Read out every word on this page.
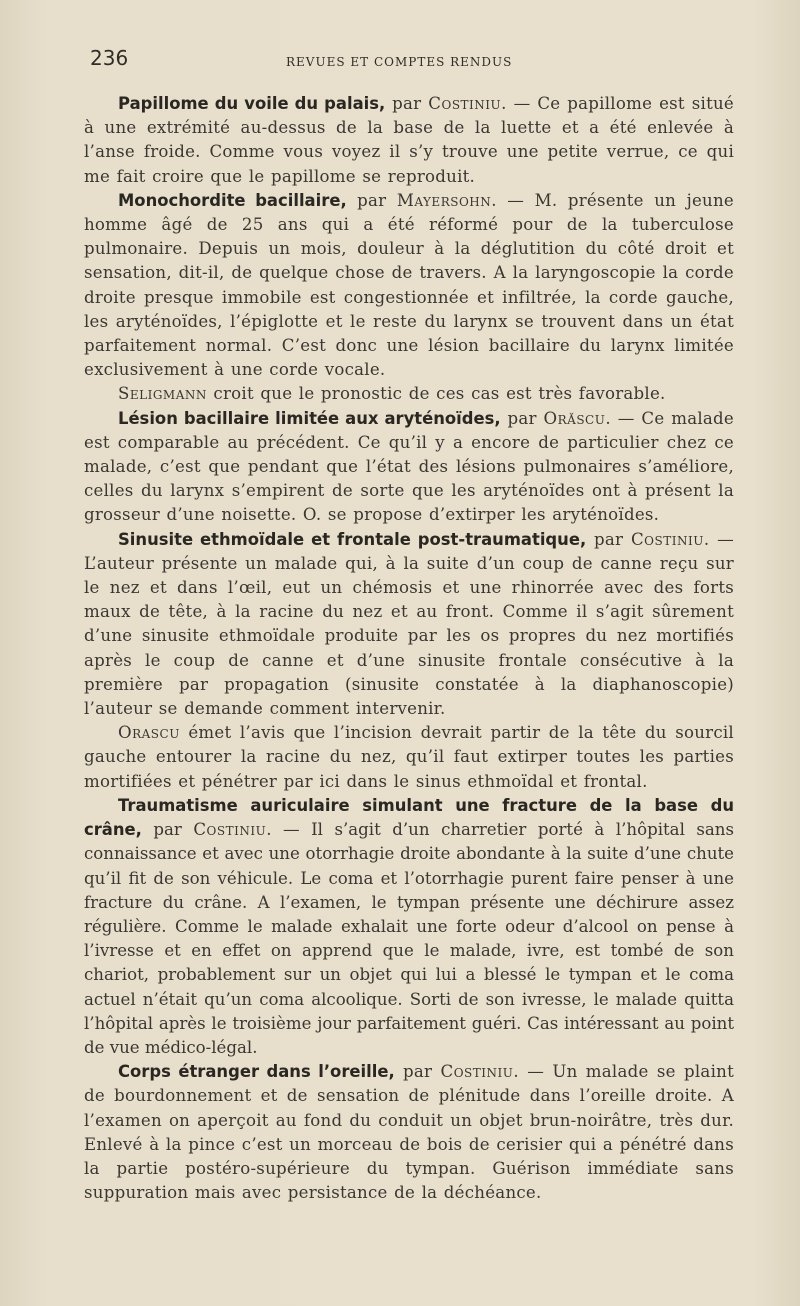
236	REVUES ET COMPTES RENDUS

Papillome du voile du palais, par Costiniu. — Ce papillome est situé à une extrémité au-dessus de la base de la luette et a été enlevée à l’anse froide. Comme vous voyez il s’y trouve une petite verrue, ce qui me fait croire que le papillome se reproduit.

Monochordite bacillaire, par Mayersohn. — M. présente un jeune homme âgé de 25 ans qui a été réformé pour de la tuberculose pulmonaire. Depuis un mois, douleur à la déglutition du côté droit et sensation, dit-il, de quelque chose de travers. A la laryngoscopie la corde droite presque immobile est congestionnée et infiltrée, la corde gauche, les aryténoïdes, l’épiglotte et le reste du larynx se trouvent dans un état parfaitement normal. C’est donc une lésion bacillaire du larynx limitée exclusivement à une corde vocale.

Seligmann croit que le pronostic de ces cas est très favorable.

Lésion bacillaire limitée aux aryténoïdes, par Orăscu. — Ce malade est comparable au précédent. Ce qu’il y a encore de particulier chez ce malade, c’est que pendant que l’état des lésions pulmonaires s’améliore, celles du larynx s’empirent de sorte que les aryténoïdes ont à présent la grosseur d’une noisette. O. se propose d’extirper les aryténoïdes.

Sinusite ethmoïdale et frontale post-traumatique, par Costiniu. — L’auteur présente un malade qui, à la suite d’un coup de canne reçu sur le nez et dans l’œil, eut un chémosis et une rhinorrée avec des forts maux de tête, à la racine du nez et au front. Comme il s’agit sûrement d’une sinusite ethmoïdale produite par les os propres du nez mortifiés après le coup de canne et d’une sinusite frontale consécutive à la première par propagation (sinusite constatée à la diaphanoscopie) l’auteur se demande comment intervenir.

Orascu émet l’avis que l’incision devrait partir de la tête du sourcil gauche entourer la racine du nez, qu’il faut extirper toutes les parties mortifiées et pénétrer par ici dans le sinus ethmoïdal et frontal.

Traumatisme auriculaire simulant une fracture de la base du crâne, par Costiniu. — Il s’agit d’un charretier porté à l’hôpital sans connaissance et avec une otorrhagie droite abondante à la suite d’une chute qu’il fit de son véhicule. Le coma et l’otorrhagie purent faire penser à une fracture du crâne. A l’examen, le tympan présente une déchirure assez régulière. Comme le malade exhalait une forte odeur d’alcool on pense à l’ivresse et en effet on apprend que le malade, ivre, est tombé de son chariot, probablement sur un objet qui lui a blessé le tympan et le coma actuel n’était qu’un coma alcoolique. Sorti de son ivresse, le malade quitta l’hôpital après le troisième jour parfaitement guéri. Cas intéressant au point de vue médico-légal.

Corps étranger dans l’oreille, par Costiniu. — Un malade se plaint de bourdonnement et de sensation de plénitude dans l’oreille droite. A l’examen on aperçoit au fond du conduit un objet brun-noirâtre, très dur. Enlevé à la pince c’est un morceau de bois de cerisier qui a pénétré dans la partie postéro-supérieure du tympan. Guérison immédiate sans suppuration mais avec persistance de la déchéance.
